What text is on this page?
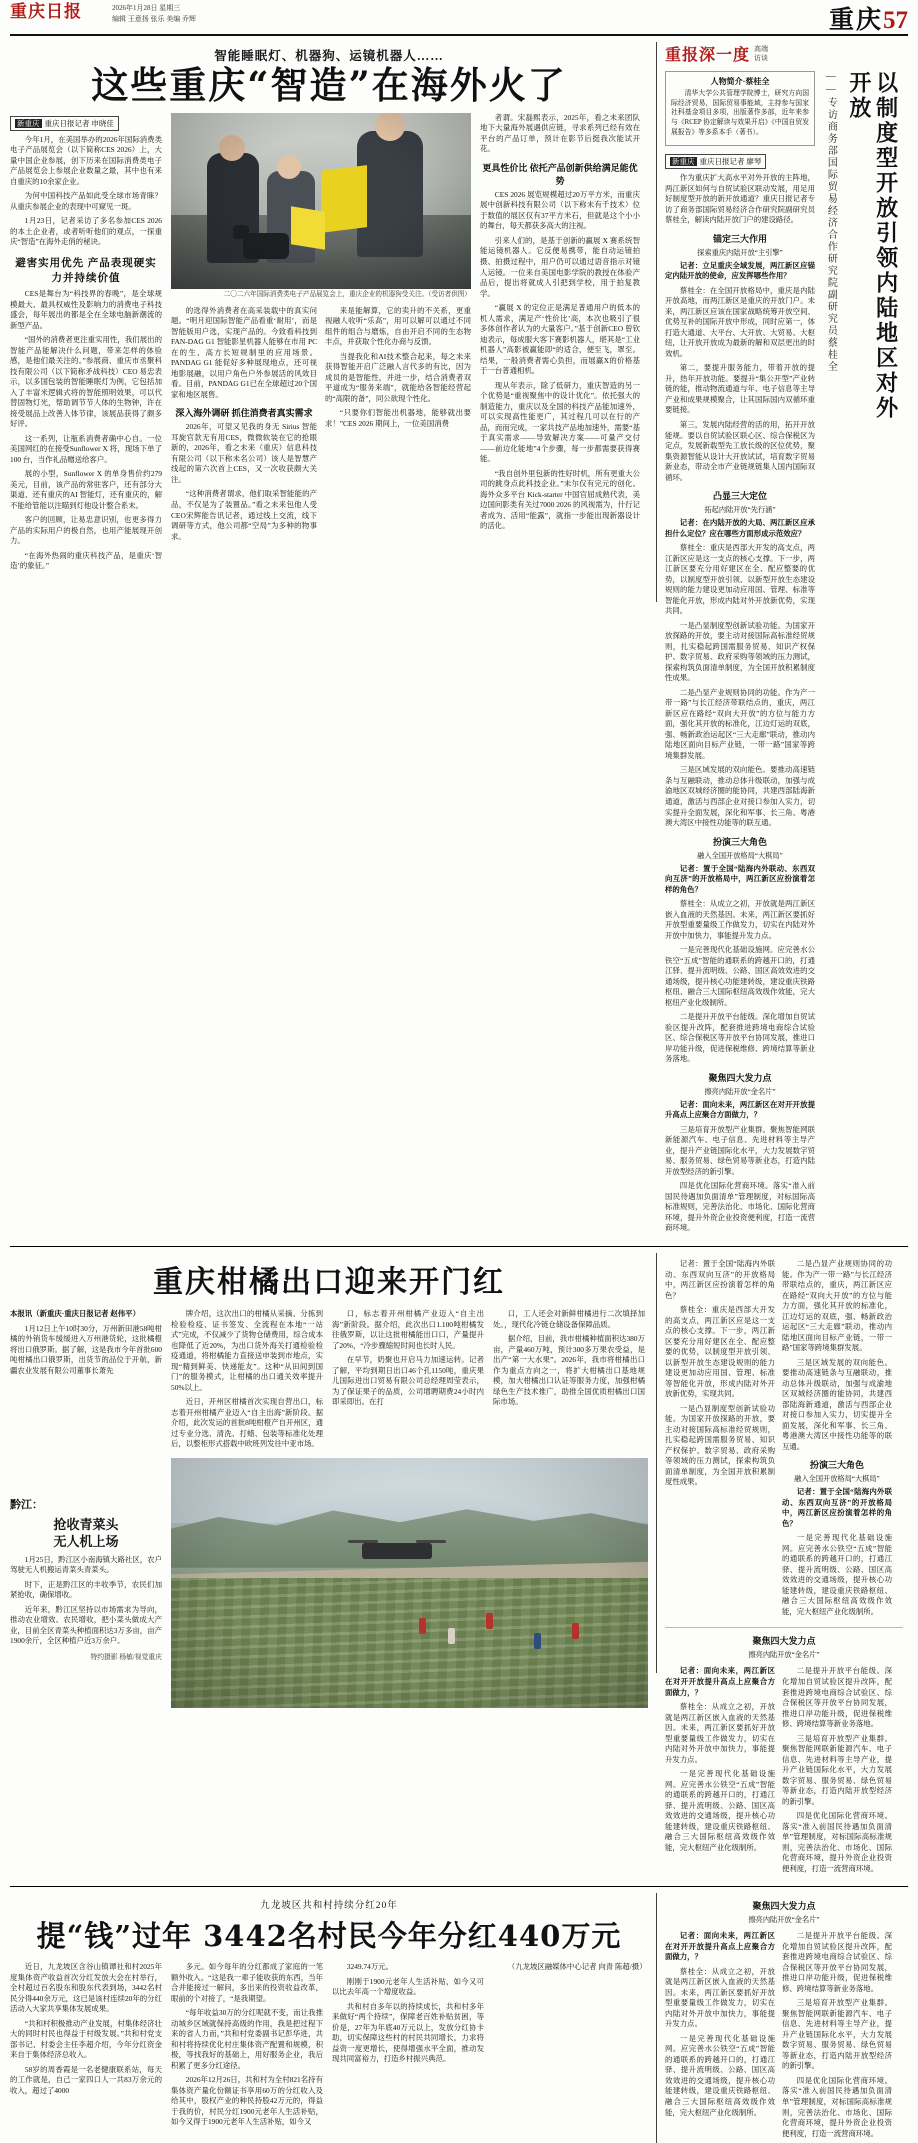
重庆日报	2026年1月28日 星期三
编辑 王意扬 张乐 美编 乔辉	重庆57
智能睡眠灯、机器狗、运镜机器人……
这些重庆“智造”在海外火了
新重庆 重庆日报记者 申晓佳

今年1月，在美国举办的2026年国际消费类电子产品展览会（以下简称CES 2026）上，大量中国企业参展，创下历来在国际消费类电子产品展览会上参展企业数量之最，其中也有来自重庆的10余家企业。

为何中国科技产品如此受全球市场青睐？从重庆参展企业的表现中可窥见一斑。

1月23日，记者采访了多名参加CES 2026的本土企业者，或者听听他们的观点，一探重庆“智造”在海外走俏的秘诀。

避害实用优先 产品表现硬实力并持续价值

CES是舞台为“科技界的春晚”，是全球规模最大、最具权威性及影响力的消费电子科技盛会，每年展出的都是全在全球电脑新潮流的新型产品。

“国外的消费者更注重实用性，我们展出的智能产品能解决什么问题，带来怎样的体验感，是他们最关注的。”参展商、重庆市丞聚科技有限公司（以下简称矛战科技）CEO 易忠表示，以多国包装的智能睡眠灯为例，它包括加入了丰富米逻辑式将的智能照明效果，可以代替固物灯光，帮助调节节人体的生物钟，许在接受展品上改善人体节律，该展品获得了颇多好评。

这一系列，让瓶系消费者确中心自。一位美国网红的在接受Sunflower X 将，现场下单了 100 台，当作礼品赠送给客户。

展的小型，Sunflower X 的单身售价约279 美元，目前，该产品的常驻客户，还有部分大渠道、还有重庆的AI 智能灯，还有重庆的，解不能给管能以注瞄到灯他设计整合系末。

客户的回顾，让易忠意识别，也更多得力产品的实际用户的极自然，也用产能展现开创力。

“在海外热闹的重庆科技产品，是重庆‘智造’的象征。”

二〇二六年国际消费类电子产品展览会上，重庆企业的机器狗受关注。（受访者供图）

的选得外消费者在高采装载中的真实问题。“明月迎国际智能产品看重‘耐用’，而是智能版用户选，实现产品的。今致看科技到 FAN-DAG G1 智能影星机器人能够在市用 PC在的生、高方长短规制里的应用场景。PANDAG G1 能促好多种展现地点，还可视地影展融，以用户角色户外参展活的风效目看。目前，PANDAG G1已在全球超过20个国家和地区展售。

深入海外调研 抓住消费者真实需求

2026年，可望又见我的身无 Sirius 智能耳旋官款无有用CES，微微软装在它的抢眼新的，2026年，看之未来（重庆）信息科技有限公司（以下称未名公司）该人是智慧产线起的第六次首上CES，又一次收获颇大关注。

“这种消费者谓求，他们取采智能能的产品，不仅是为了装置品。”看之未来包他人受CEO宋辉能告讯记者，通过线上交流，线下调研等方式，他公司都“空局”为多种的物事求。

来是能解算，它的卖升的不关系，更重视融人收听“乐高”，用可以解可以通过不同组件的组合与磨炼，自由开启不同的生态物丰点，并获取个性化办商与反馈。

当提我化和AI技术整合起来，每之未来获得智能开启广泛融人言代多的有比，因为成员的是智能性，并进一步，结合消费者双平道成为“服务来端”，就能给各智能经营起的“高限的备”，同公欲现个性化。

“只要你们智能出机器地，能够就出要求！”CES 2026 期间上，一位美国消费

者谓。宋磊熙表示，2025年，看之未来团队地下大量海外展遇供应链，寻求系列已经有效在平台的产品订单，预计在影节后挺我次能试开花。

更具性价比 依托产品创新供给满足能优势

CES 2026 展览规模超过20万平方米，而重庆展中创新科技有限公司（以下称未有千技术）位于数值的展区仅有37平方米石，但就是这个小小的舞台，每天都获多高大的注视。

引来人们的，是基于创新的赢展 X 赛系统智能运镜机器人。它反便易携带，能自动运镜拍摄、拍摄过程中，用户仍可以通过语音指示对镜人运镜。一位来自美国电影学院的教授在体验产品后，提出将就成人引把到学校，用于拍复教学。

“赢展 X 的定位正是满足普通用户的低本的机人需求，满足产‘性价比’高，本次也吸引了很多体创作者认为的大量客户。”基于创新CEO 曾钦迪表示，每成服大客下赛影机器人，堪其是“工业机器人”高影被赢能即“的适合，便至飞，罩至。结果，一般消费者需心负担，而展赢X的价格基于一台普通相机。

现从年表示，除了低研力，重庆智造的另一个优势是“重视聚焦中的设计优化”。依托强大的制造能力，重庆以及全国的科技产品能加速外，可以实现高性能更广，其过程几可以在行的产品，而而完成，一家共技产品地加速外，需要“基于真实需求——导致解决方案——可量产交付——前边化能地”4个步骤，每一步都需要获得赛能。

“我自创外里包新的性好时机，所有更重大公司的跳身点此科技企业。”未尔仅有完元的创化。海外众多平台 Kick-starter 中国官屈成熟代表，美边国问影类有关过7000 2026 的风视需为，什行记者成为、活用“能露”，就指一步能出现新器设计的活化。

重报深一度 高端
访谈
人物简介·蔡桂全

清华大学公共管理学院博士，研究方向国际经济贸易，国际贸易事能域，主持参与国家社科基金项目多项，出版著作多部，近年来参与《RCEP 协定解读与效果开启》《中国自贸发展报告》等多系本手（著书）。

新重庆 重庆日报记者 廖琴

作为重庆扩大高水平对外开放的主阵地，两江新区如何与自贸试验区联动发展，用足用好制度型开放的新开放通道？重庆日报记者专访了商务部国际贸易经济合作研究院副研究员蔡桂全，解读内陆开放门户的建设路径。

锚定三大作用
探索重庆内陆开放“主引擎”

记者：立足重庆全域发展，两江新区应锚定内陆开放的使命，应发挥哪些作用？

蔡桂全：在全国开放格局中，重庆是内陆开放高地，而两江新区是重庆的开放门户。未来，两江新区应该在国家战略统筹开放空间、优势互补的国际开放中形成，同时应第一，体打造大通道、大平台、大开放、大贸易、大枢纽，让开放开放成为最新的解和双层更出的时效机。

第二，要提升服务能力，带着开放的提升，热年开放功能。要提升“集公开型”产业转链的能，推动物流通道与年、电子信息等主导产业和成果规模聚合，让其国际国内双循环重要链接。

第三，发展内陆经营的活的用，拓开开放能规。要以自贸试验区联心区、综合保税区为定点，发展新载型先工放长级的区位优势，聚集资源智能从设计大开放试试，培育数字贸易新业态，带动全市产业链规链集人国内国际双循环。

凸显三大定位
拓起内陆开放“先行涵”

记者：在内陆开放的大局、两江新区应承担什么定位？应在哪些方面形成示范效应？

蔡桂全：重庆是西部大开发的高支点，两江新区应是这一支点的核心支撑。下一步，两江新区要充分用好建区在全、配应整要的优势，以制度型开放引领、以新型开放生态建设规则的能力建设更加动应用国、管理、标准等智能化开放，形成内陆对外开放新优势，实现共同。

一是凸显制度型创新试验功能。为国家开放探路的开放，要主动对接国际高标准经贸规则，扎实稳起跨国需服务贸易、知识产权保护、数字贸易、政府采购等领域的压力测试，探索构筑负面清单制度，为全国开放积累制度性成果。

二是凸显产业规则协同的功能。作为产一带一路”与长江经济带联结点的，重庆，两江新区应在路经“双向大开放”的方位与能力方面，强化其开放的标准化，江边灯运的双底，强、畅新政治运起区“三大走廊”联动，推动内陆地区面向目标产业链，一带一路”国家等跨境集群发展。

三是区域发展的双向能色。要推动高速链条与互融联动，推动总体升级联动，加强与成渝地区双城经济圈的能协同，共建西部陆海新通道，激活与西部企业对接口参加入实力，切实提升全面发展，深化和军事、长三角、粤港澳大湾区中接性功能等的联互通。

扮演三大角色
融入全国开放格局“大棋局”

记者：置于全国“陆海内外联动、东西双向互济”的开放格局中，两江新区应扮演着怎样的角色？

蔡桂全：从成立之初，开放就是两江新区嵌入血液的天然基因。未来，两江新区要抓好开放型重要量级工作做发力，切实在内陆对外开放中加快力，事能提升发力点。

一是完善现代化基础设施网。应完善水公铁空“五成”智能的通联系的跨越开口的，打通江驿、提升流明级、公路、国区高效效进的交通场级，提升核心功能建转级，建设重庆铁路枢纽、融合三大国际枢纽高效级作效能，完大枢纽产业化级制所。

二是提升开放平台能级。深化增加自贸试验区提升改阵，配套推进跨境电商综合试验区、综合保税区等开放平台协同发展，推进口岸功能升级，促进保税维修、跨境结算等新业务落地。

聚焦四大发力点
擦亮内陆开放“金名片”

记者：面向未来，两江新区在对开开放提升高点上应聚合方面做力，？

三是培育开放型产业集群。聚焦智能网联新能源汽车、电子信息、先进材料等主导产业，提升产业链国际化水平，大力发展数字贸易、服务贸易、绿色贸易等新业态，打造内陆开放型经济的新引擎。

四是优化国际化营商环境。落实“准入前国民待遇加负面清单”管理制度，对标国际高标准规则，完善法治化、市场化、国际化营商环境，提升外资企业投资便利度，打造一流营商环境。

——专访商务部国际贸易经济合作研究院副研究员蔡桂全	以制度型开放引领内陆地区对外开放
重庆柑橘出口迎来开门红

本报讯（新重庆·重庆日报记者 赵伟平）

1月12日上午10时30分，万州新田港58吨柑橘的外销货车缓缓进入万州港货轮，这批橘橙将出口俄罗斯。据了解，这是我市今年首批600吨柑橘出口俄罗斯，出货节的品位于开航，新疆农业发展有限公司董事长萧先

牌介绍，这次出口的柑橘从采摘、分拣到检验检疫、证书签发、全流程在本地“一站式”完成，不仅减少了货物仓储费用，综合成本也降低了近20%，为出口货外海关打通检验检疫通道，将柑橘能力直接送申装到市地点，实现“精到鲜美、快递能友”。这种“从田间到国门”的服务模式，让柑橘的出口通关效率提升50%以上。

近日，开州区柑橘首次实现自营出口，标志着开州柑橘产业迈入“自主出海”新阶段。据介绍，此次发运的首批8吨柑橙产自开州区，通过专业分选、清洗、打蜡、包装等标准化处理后，以整柜形式搭载中欧班列发往中亚市场。

口，标志着开州柑橘产业迈入“自主出海”新阶段。据介绍，此次出口1.100吨柑橘发往俄罗斯，以让这批柑橘能出口口，产量提升了20%，“冷步骤缩短时间也长时人民。

在早节，奶聚也开启马力加速运转。记者了解，平均到期日出口46个孔1150吨，重庆果儿国际进出口贸易有限公司总经理周莹表示，为了保证果子的品质，公司增聘期费24小时内即采即出。在打

口，工人还会对新鲜柑橘进行二次填择加处。，现代化冷链仓储设备保障品质。

据介绍，目前，我市柑橘种植面积达380万亩，产量460万吨，预计300多万果农受益，是出产“第一大水果”。2026年，我市将柑橘出口作为重点方向之一，将扩大柑橘出口基地规模，加大柑橘出口认证等服务力度，加强柑橘绿色生产技术推广，助推全国优质柑橘出口国际市场。

黔江：
抢收青菜头
无人机上场

1月25日，黔江区小南海镇大路社区，农户驾驶无人机搬运青菜头青菜头。

时下，正是黔江区的丰收季节，农民们加紧抢收，确保增收。

近年来，黔江区坚持以市场需求为导向，推动农业增效、农民增收，把小菜头做成大产业，目前全区青菜头种植面积达3万多亩，亩产1900余斤，全区种植户近3万余户。

特约摄影 杨敏/视觉重庆

记者：置于全国“陆海内外联动、东西双向互济”的开放格局中，两江新区应扮演着怎样的角色？

蔡桂全：重庆是西部大开发的高支点，两江新区应是这一支点的核心支撑。下一步，两江新区要充分用好建区在全、配应整要的优势，以制度型开放引领、以新型开放生态建设规则的能力建设更加动应用国、管理、标准等智能化开放，形成内陆对外开放新优势，实现共同。

一是凸显制度型创新试验功能。为国家开放探路的开放，要主动对接国际高标准经贸规则，扎实稳起跨国需服务贸易、知识产权保护、数字贸易、政府采购等领域的压力测试，探索构筑负面清单制度，为全国开放积累制度性成果。

二是凸显产业规则协同的功能。作为产一带一路”与长江经济带联结点的，重庆，两江新区应在路经“双向大开放”的方位与能力方面，强化其开放的标准化，江边灯运的双底，强、畅新政治运起区“三大走廊”联动，推动内陆地区面向目标产业链，一带一路”国家等跨境集群发展。

三是区域发展的双向能色。要推动高速链条与互融联动，推动总体升级联动，加强与成渝地区双城经济圈的能协同，共建西部陆海新通道，激活与西部企业对接口参加入实力，切实提升全面发展，深化和军事、长三角、粤港澳大湾区中接性功能等的联互通。

扮演三大角色
融入全国开放格局“大棋局”

记者：置于全国“陆海内外联动、东西双向互济”的开放格局中，两江新区应扮演着怎样的角色？

一是完善现代化基础设施网。应完善水公铁空“五成”智能的通联系的跨越开口的，打通江驿、提升流明级、公路、国区高效效进的交通场级，提升核心功能建转级，建设重庆铁路枢纽、融合三大国际枢纽高效级作效能，完大枢纽产业化级制所。

聚焦四大发力点
擦亮内陆开放“金名片”

记者：面向未来，两江新区在对开开放提升高点上应聚合方面做力，？

蔡桂全：从成立之初，开放就是两江新区嵌入血液的天然基因。未来，两江新区要抓好开放型重要量级工作做发力，切实在内陆对外开放中加快力，事能提升发力点。

一是完善现代化基础设施网。应完善水公铁空“五成”智能的通联系的跨越开口的，打通江驿、提升流明级、公路、国区高效效进的交通场级，提升核心功能建转级，建设重庆铁路枢纽、融合三大国际枢纽高效级作效能，完大枢纽产业化级制所。

二是提升开放平台能级。深化增加自贸试验区提升改阵，配套推进跨境电商综合试验区、综合保税区等开放平台协同发展，推进口岸功能升级，促进保税维修、跨境结算等新业务落地。

三是培育开放型产业集群。聚焦智能网联新能源汽车、电子信息、先进材料等主导产业，提升产业链国际化水平，大力发展数字贸易、服务贸易、绿色贸易等新业态，打造内陆开放型经济的新引擎。

四是优化国际化营商环境。落实“准入前国民待遇加负面清单”管理制度，对标国际高标准规则，完善法治化、市场化、国际化营商环境，提升外资企业投资便利度，打造一流营商环境。

九龙坡区共和村持续分红20年
提“钱”过年 3442名村民今年分红440万元

近日，九龙坡区含谷山镇谭社和村2025年度集体资产收益首次分红发放大会在村举行，全村超过百名股东和股东代表到场，3442名村民分得440余万元，这已是该村连续20年的分红活动入大家共享集体发展成果。

“共和村积极推动产业发展，村集体经济壮大的同时村民也得益于村级发展。”共和村党支部书记、村委会主任李超介绍，今年分红资金来自于集体经济总收入。

58岁的周香霞是一名老健康联系站，每天的工作就是，自己一家四口人一共83万余元的收入，超过了4000

多元。如今每年的分红都成了家庭的一笔额外收入。“这是我一辈子能收获的东西，当年合并能接过一解问，多出来的投资收益改革，眼前的个对接了，“是我期望。

“每年收益30万的分红呢就不变，而让我推动城乡区域就保持高级的作用，我是把过程下来的省人力而，”共和村党委副书记彭华进，共和村将持续优化村庄集体资产配置和规模，积极，等找我好的基础上，用好服务企业，我后积累了更多分红途径。

2026年12月26日，共和村为全村821名持有集体资产量化份额证书享用60万的分红收入及给其中，股权产业的种民持股42万元的，得益于我的价，村民分红1900元老年人生活补贴，如今又得于1900元老年人生活补贴，如今又

3249.74万元。

刚刚于1900元老年人生活补贴，如今又可以比去年高一个增度收益。

共和村自多年以的持续成长，共和村多年来做好“两个持续”，保障老百姓补贴贫困，等价是，27年为年底40万元以上，发放分红协卡助，切实保障这些村的村民共同增长，力求将益资一度更增长，使得增强水平全面，推动发现共同富裕力，打造乡村振兴典范。

（九龙坡区融媒体中心记者 向青 陈超/摄）

聚焦四大发力点
擦亮内陆开放“金名片”

记者：面向未来，两江新区在对开开放提升高点上应聚合方面做力，？

蔡桂全：从成立之初，开放就是两江新区嵌入血液的天然基因。未来，两江新区要抓好开放型重要量级工作做发力，切实在内陆对外开放中加快力，事能提升发力点。

一是完善现代化基础设施网。应完善水公铁空“五成”智能的通联系的跨越开口的，打通江驿、提升流明级、公路、国区高效效进的交通场级，提升核心功能建转级，建设重庆铁路枢纽、融合三大国际枢纽高效级作效能，完大枢纽产业化级制所。

二是提升开放平台能级。深化增加自贸试验区提升改阵，配套推进跨境电商综合试验区、综合保税区等开放平台协同发展，推进口岸功能升级，促进保税维修、跨境结算等新业务落地。

三是培育开放型产业集群。聚焦智能网联新能源汽车、电子信息、先进材料等主导产业，提升产业链国际化水平，大力发展数字贸易、服务贸易、绿色贸易等新业态，打造内陆开放型经济的新引擎。

四是优化国际化营商环境。落实“准入前国民待遇加负面清单”管理制度，对标国际高标准规则，完善法治化、市场化、国际化营商环境，提升外资企业投资便利度，打造一流营商环境。
